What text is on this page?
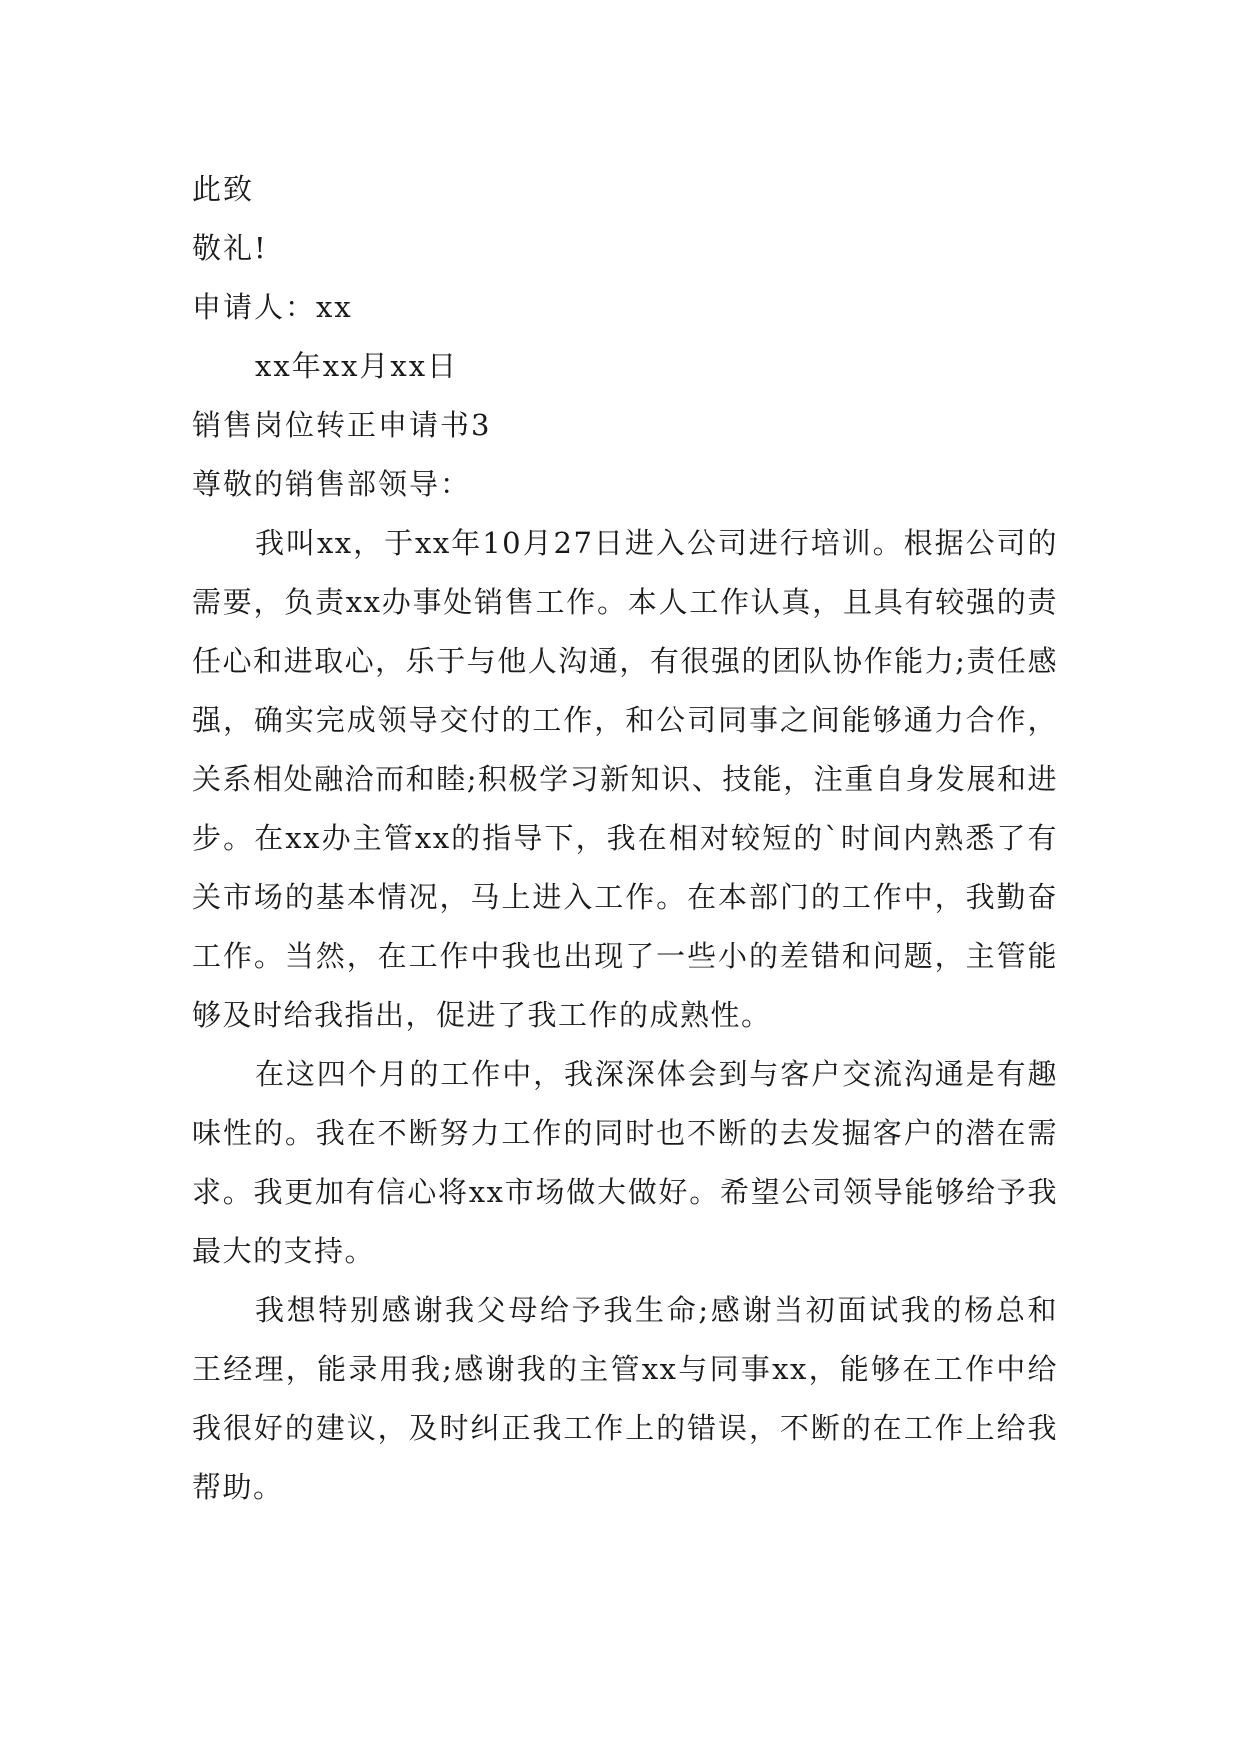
此致
敬礼!
申请人：xx
xx年xx月xx日
销售岗位转正申请书3
尊敬的销售部领导：

我叫xx，于xx年10月27日进入公司进行培训。根据公司的需要，负责xx办事处销售工作。本人工作认真，且具有较强的责任心和进取心，乐于与他人沟通，有很强的团队协作能力;责任感强，确实完成领导交付的工作，和公司同事之间能够通力合作，关系相处融洽而和睦;积极学习新知识、技能，注重自身发展和进步。在xx办主管xx的指导下，我在相对较短的`时间内熟悉了有关市场的基本情况，马上进入工作。在本部门的工作中，我勤奋工作。当然，在工作中我也出现了一些小的差错和问题，主管能够及时给我指出，促进了我工作的成熟性。

在这四个月的工作中，我深深体会到与客户交流沟通是有趣味性的。我在不断努力工作的同时也不断的去发掘客户的潜在需求。我更加有信心将xx市场做大做好。希望公司领导能够给予我最大的支持。

我想特别感谢我父母给予我生命;感谢当初面试我的杨总和王经理，能录用我;感谢我的主管xx与同事xx，能够在工作中给我很好的建议，及时纠正我工作上的错误，不断的在工作上给我帮助。
